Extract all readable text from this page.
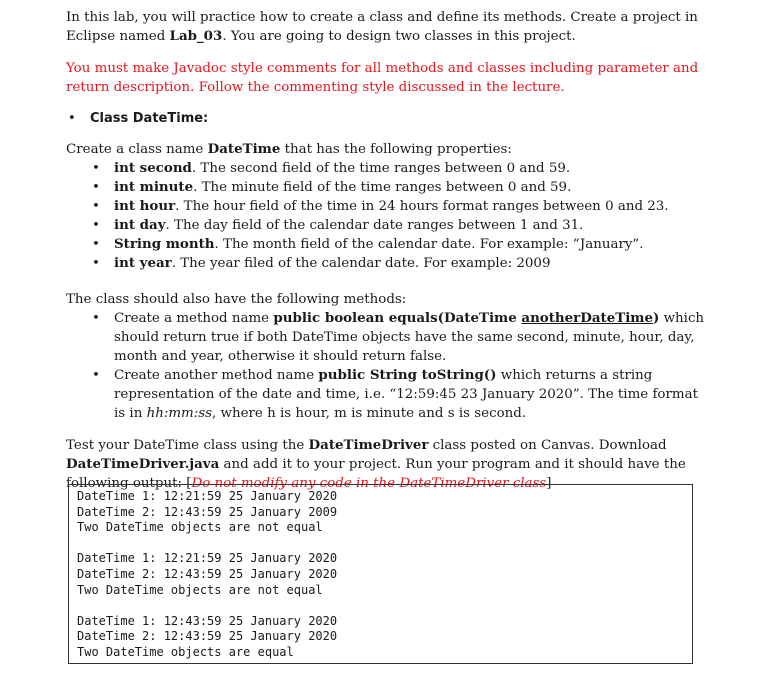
In this lab, you will practice how to create a class and define its methods. Create a project in Eclipse named Lab_03. You are going to design two classes in this project.

You must make Javadoc style comments for all methods and classes including parameter and return description. Follow the commenting style discussed in the lecture.

• Class DateTime:

Create a class name DateTime that has the following properties:

• int second. The second field of the time ranges between 0 and 59.
• int minute. The minute field of the time ranges between 0 and 59.
• int hour. The hour field of the time in 24 hours format ranges between 0 and 23.
• int day. The day field of the calendar date ranges between 1 and 31.
• String month. The month field of the calendar date. For example: “January”.
• int year. The year filed of the calendar date. For example: 2009

The class should also have the following methods:

• Create a method name public boolean equals(DateTime anotherDateTime) which should return true if both DateTime objects have the same second, minute, hour, day, month and year, otherwise it should return false.
• Create another method name public String toString() which returns a string representation of the date and time, i.e. “12:59:45 23 January 2020”. The time format is in hh:mm:ss, where h is hour, m is minute and s is second.

Test your DateTime class using the DateTimeDriver class posted on Canvas. Download DateTimeDriver.java and add it to your project. Run your program and it should have the following output: [Do not modify any code in the DateTimeDriver class]

DateTime 1: 12:21:59 25 January 2020
DateTime 2: 12:43:59 25 January 2009
Two DateTime objects are not equal
DateTime 1: 12:21:59 25 January 2020
DateTime 2: 12:43:59 25 January 2020
Two DateTime objects are not equal
DateTime 1: 12:43:59 25 January 2020
DateTime 2: 12:43:59 25 January 2020
Two DateTime objects are equal
